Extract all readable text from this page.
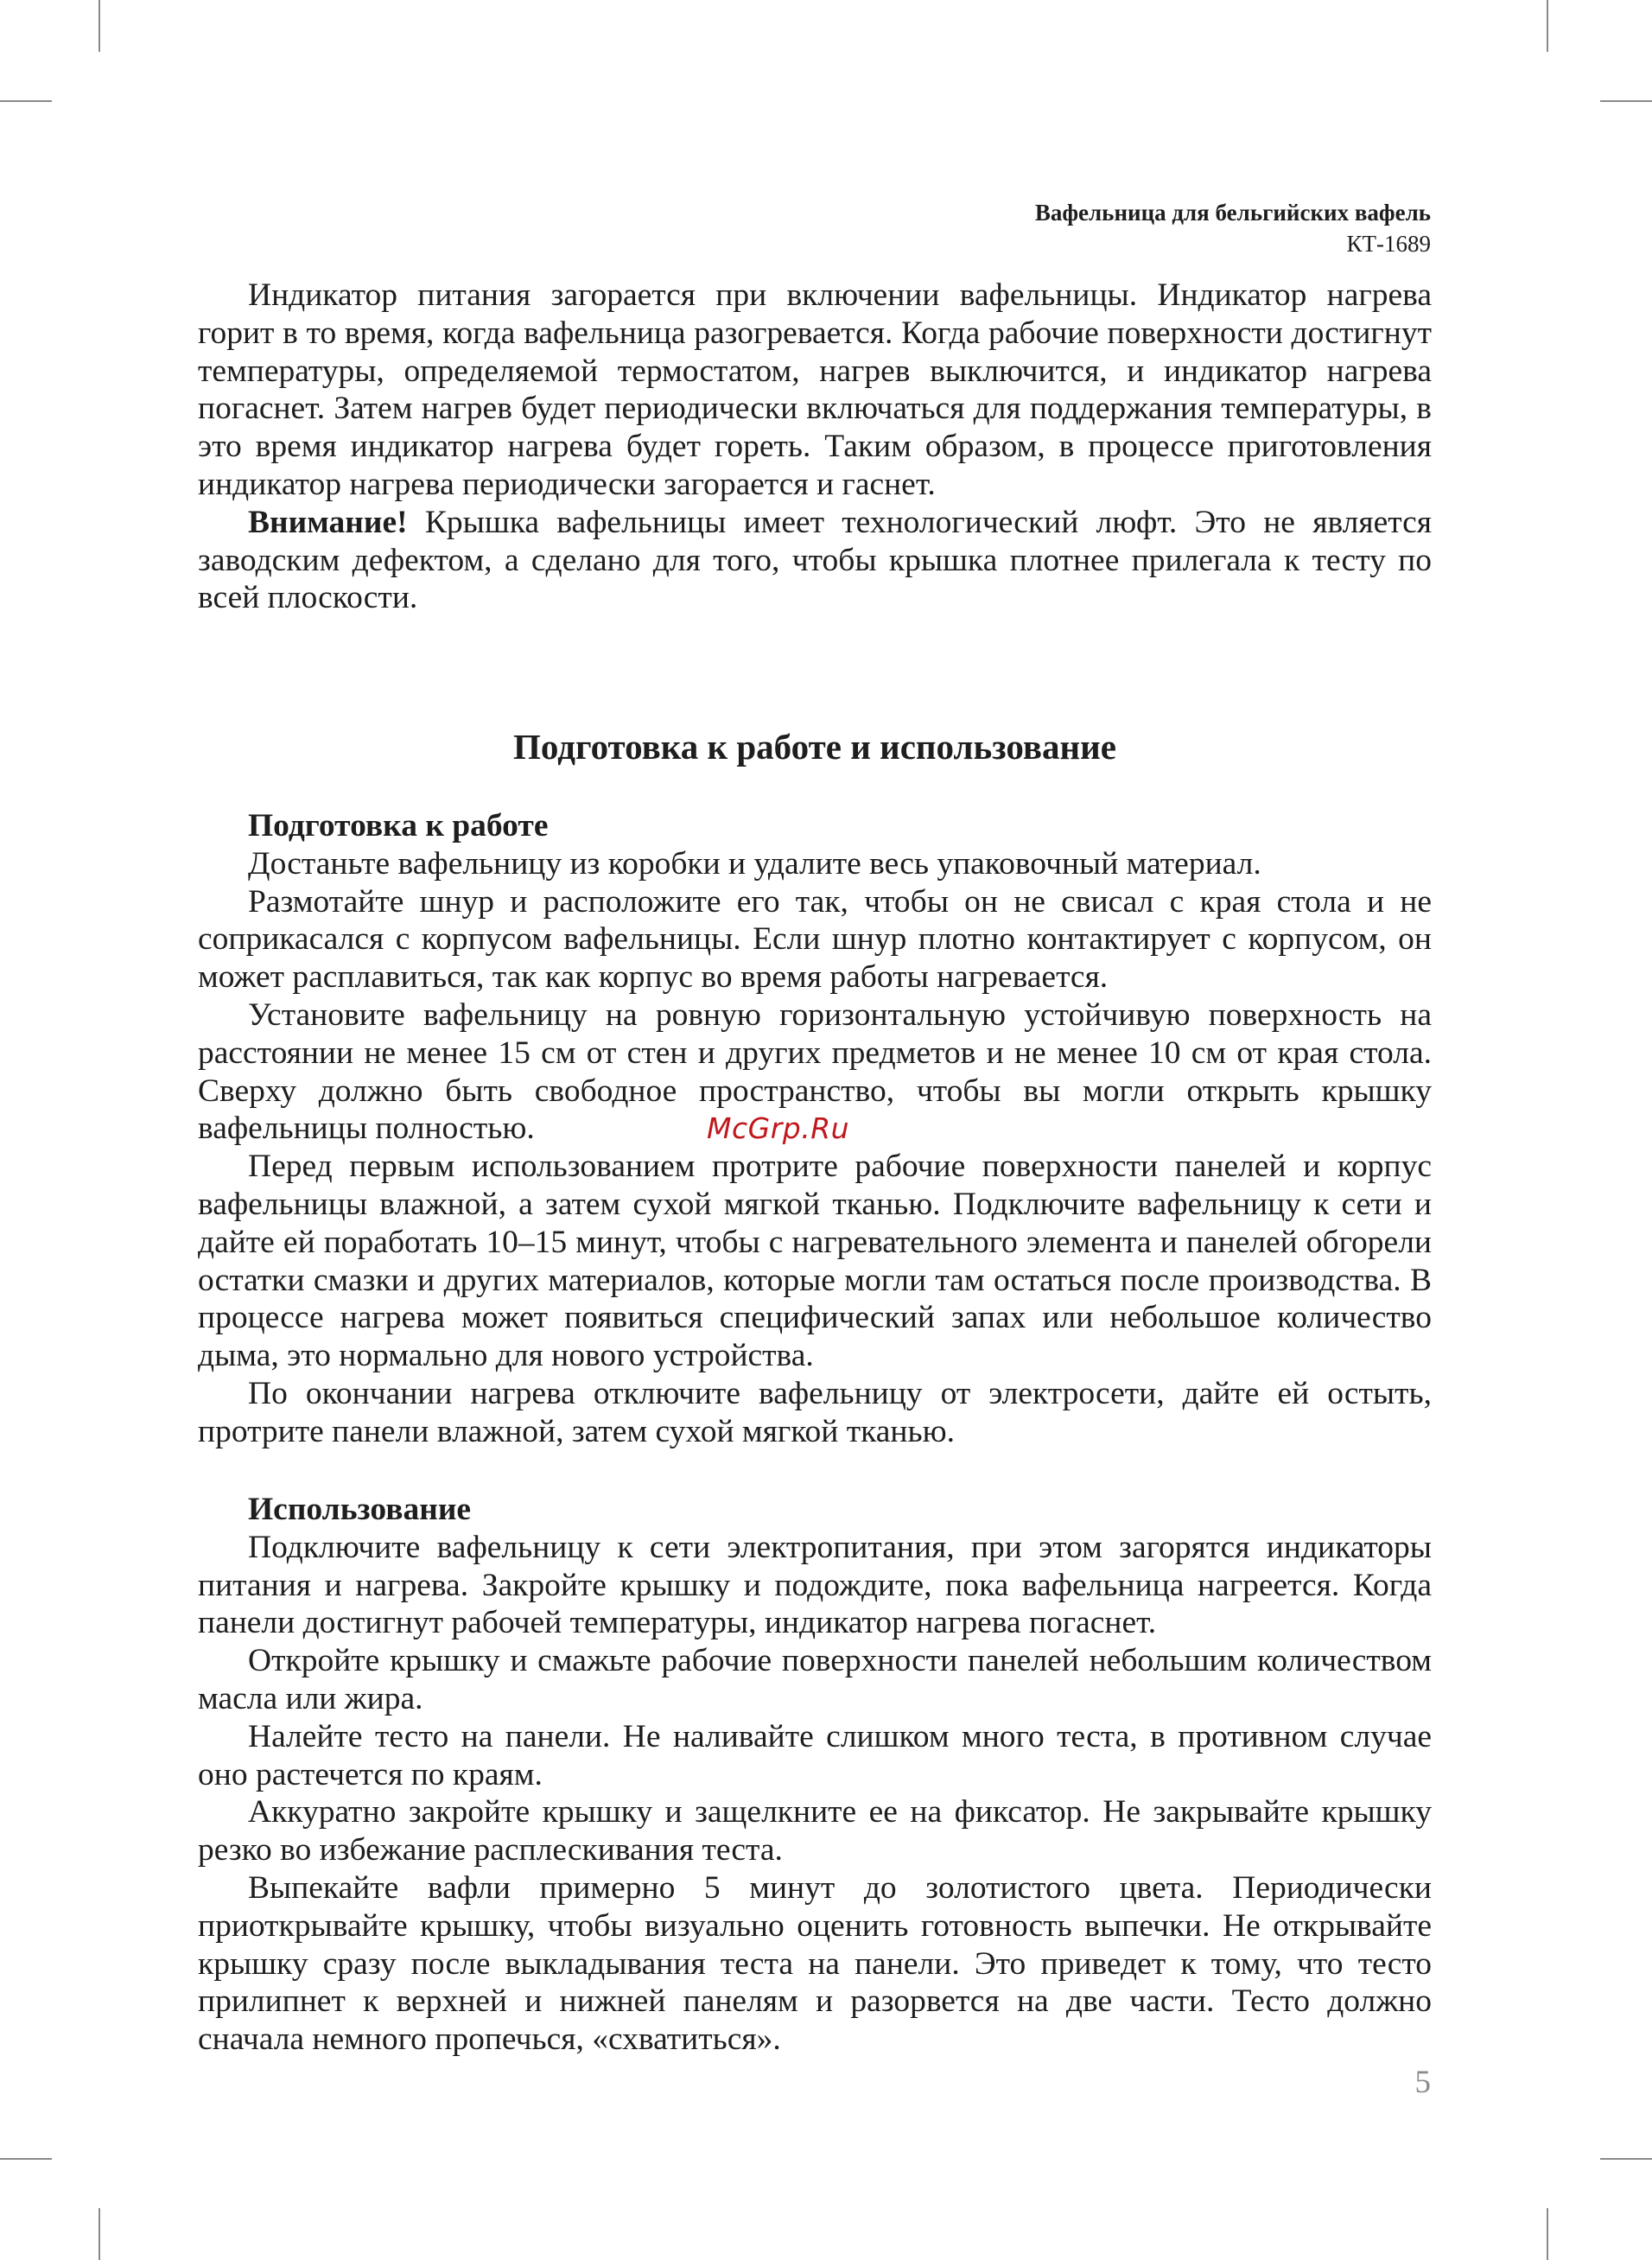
Вафельница для бельгийских вафель
КТ-1689

Индикатор питания загорается при включении вафельницы. Индикатор нагрева горит в то время, когда вафельница разогревается. Когда рабочие поверхности достигнут температуры, определяемой термостатом, нагрев выключится, и индикатор нагрева погаснет. Затем нагрев будет периодически включаться для поддержания температуры, в это время индикатор нагрева будет гореть. Таким образом, в процессе приготовления индикатор нагрева периодически загорается и гаснет.

Внимание! Крышка вафельницы имеет технологический люфт. Это не является заводским дефектом, а сделано для того, чтобы крышка плотнее прилегала к тесту по всей плоскости.

Подготовка к работе и использование

Подготовка к работе

Достаньте вафельницу из коробки и удалите весь упаковочный материал.

Размотайте шнур и расположите его так, чтобы он не свисал с края стола и не соприкасался с корпусом вафельницы. Если шнур плотно контактирует с корпусом, он может расплавиться, так как корпус во время работы нагревается.

Установите вафельницу на ровную горизонтальную устойчивую поверхность на расстоянии не менее 15 см от стен и других предметов и не менее 10 см от края стола. Сверху должно быть свободное пространство, чтобы вы могли открыть крышку вафельницы полностью.

Перед первым использованием протрите рабочие поверхности панелей и корпус вафельницы влажной, а затем сухой мягкой тканью. Подключите вафельницу к сети и дайте ей поработать 10–15 минут, чтобы с нагревательного элемента и панелей обгорели остатки смазки и других материалов, которые могли там остаться после производства. В процессе нагрева может появиться специфический запах или небольшое количество дыма, это нормально для нового устройства.

По окончании нагрева отключите вафельницу от электросети, дайте ей остыть, протрите панели влажной, затем сухой мягкой тканью.

Использование

Подключите вафельницу к сети электропитания, при этом загорятся индикаторы питания и нагрева. Закройте крышку и подождите, пока вафельница нагреется. Когда панели достигнут рабочей температуры, индикатор нагрева погаснет.

Откройте крышку и смажьте рабочие поверхности панелей небольшим количеством масла или жира.

Налейте тесто на панели. Не наливайте слишком много теста, в противном случае оно растечется по краям.

Аккуратно закройте крышку и защелкните ее на фиксатор. Не закрывайте крышку резко во избежание расплескивания теста.

Выпекайте вафли примерно 5 минут до золотистого цвета. Периодически приоткрывайте крышку, чтобы визуально оценить готовность выпечки. Не открывайте крышку сразу после выкладывания теста на панели. Это приведет к тому, что тесто прилипнет к верхней и нижней панелям и разорвется на две части. Тесто должно сначала немного пропечься, «схватиться».

McGrp.Ru
5
